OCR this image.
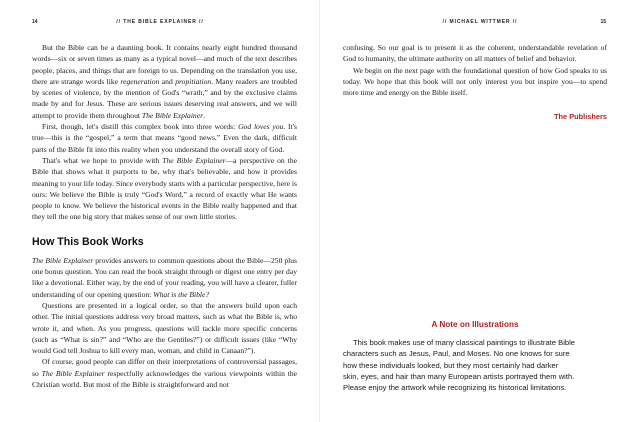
14	// THE BIBLE EXPLAINER //

But the Bible can be a daunting book. It contains nearly eight hundred thousand words—six or seven times as many as a typical novel—and much of the text describes people, places, and things that are foreign to us. Depending on the translation you use, there are strange words like regeneration and propitiation. Many readers are troubled by scenes of violence, by the mention of God's “wrath,” and by the exclusive claims made by and for Jesus. These are serious issues deserving real answers, and we will attempt to provide them throughout The Bible Explainer.

First, though, let's distill this complex book into three words: God loves you. It's true—this is the “gospel,” a term that means “good news.” Even the dark, difficult parts of the Bible fit into this reality when you understand the overall story of God.

That's what we hope to provide with The Bible Explainer—a perspective on the Bible that shows what it purports to be, why that's believable, and how it provides meaning to your life today. Since everybody starts with a particular perspective, here is ours: We believe the Bible is truly “God's Word,” a record of exactly what He wants people to know. We believe the historical events in the Bible really happened and that they tell the one big story that makes sense of our own little stories.

How This Book Works

The Bible Explainer provides answers to common questions about the Bible—250 plus one bonus question. You can read the book straight through or digest one entry per day like a devotional. Either way, by the end of your reading, you will have a clearer, fuller understanding of our opening question: What is the Bible?

Questions are presented in a logical order, so that the answers build upon each other. The initial questions address very broad matters, such as what the Bible is, who wrote it, and when. As you progress, questions will tackle more specific concerns (such as “What is sin?” and “Who are the Gentiles?”) or difficult issues (like “Why would God tell Joshua to kill every man, woman, and child in Canaan?”).

Of course, good people can differ on their interpretations of controversial passages, so The Bible Explainer respectfully acknowledges the various viewpoints within the Christian world. But most of the Bible is straightforward and not

// MICHAEL WITTMER //	15

confusing. So our goal is to present it as the coherent, understandable revelation of God to humanity, the ultimate authority on all matters of belief and behavior.

We begin on the next page with the foundational question of how God speaks to us today. We hope that this book will not only interest you but inspire you—to spend more time and energy on the Bible itself.

The Publishers
A Note on Illustrations

This book makes use of many classical paintings to illustrate Bible
characters such as Jesus, Paul, and Moses. No one knows for sure
how these individuals looked, but they most certainly had darker
skin, eyes, and hair than many European artists portrayed them with.
Please enjoy the artwork while recognizing its historical limitations.
